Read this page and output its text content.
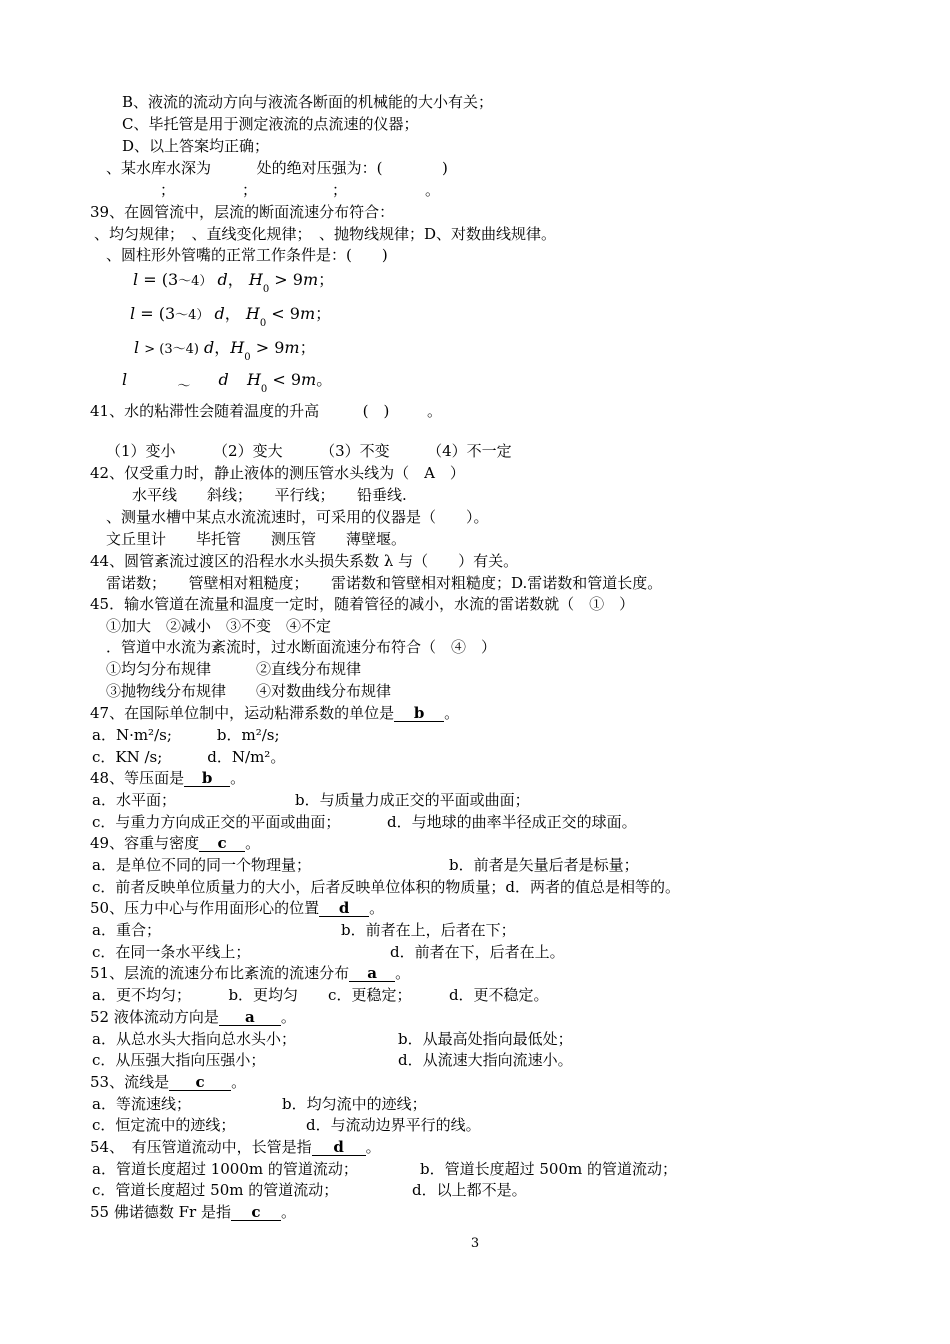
B、液流的流动方向与液流各断面的机械能的大小有关；
C、毕托管是用于测定液流的点流速的仪器；
D、以上答案均正确；
、某水库水深为	处的绝对压强为：(	)
；	；	；	。
39、在圆管流中，层流的断面流速分布符合：
、均匀规律；　、直线变化规律；　、抛物线规律；D、对数曲线规律。
、圆柱形外管嘴的正常工作条件是：(　　)
l = (3～4） d， $H_0 > 9m$；
l = (3～4） d， $H_0 < 9m$；
l > (3～4) d，$H_0 > 9m$；
l	$_\sim$ d $H_0 < 9m$。
41、水的粘滞性会随着温度的升高	(　)	。
（1）变小　　　（2）变大　　　（3）不变　　　（4）不一定
42、仅受重力时，静止液体的测压管水头线为（　A　）
水平线　　斜线；　　平行线；　　铅垂线.
、测量水槽中某点水流流速时，可采用的仪器是（　　）。
文丘里计　　毕托管　　测压管　　薄壁堰。
44、圆管紊流过渡区的沿程水水头损失系数 λ 与（　　）有关。
雷诺数；　　管壁相对粗糙度；　　雷诺数和管壁相对粗糙度；D.雷诺数和管道长度。
45．输水管道在流量和温度一定时，随着管径的减小，水流的雷诺数就（　①　）
①加大　②减小　③不变　④不定
．管道中水流为紊流时，过水断面流速分布符合（　④　）
①均匀分布规律　　　②直线分布规律
③抛物线分布规律　　④对数曲线分布规律
47、在国际单位制中，运动粘滞系数的单位是 b 。
a．N·m²/s;　　　b．m²/s;
c．KN /s;　　　d．N/m²。
48、等压面是 b 。
a．水平面；	b．与质量力成正交的平面或曲面；
c．与重力方向成正交的平面或曲面；	d．与地球的曲率半径成正交的球面。
49、容重与密度 c 。
a．是单位不同的同一个物理量；	b．前者是矢量后者是标量；
c．前者反映单位质量力的大小，后者反映单位体积的物质量；d．两者的值总是相等的。
50、压力中心与作用面形心的位置 d 。
a．重合；	b．前者在上，后者在下；
c．在同一条水平线上；	d．前者在下，后者在上。
51、层流的流速分布比紊流的流速分布 a 。
a．更不均匀；　　　b．更均匀　　c．更稳定；　　　d．更不稳定。
52 液体流动方向是 a 。
a．从总水头大指向总水头小；	b．从最高处指向最低处；
c．从压强大指向压强小；	d．从流速大指向流速小。
53、流线是 c 。
a．等流速线；	b．均匀流中的迹线；
c．恒定流中的迹线；	d．与流动边界平行的线。
54、　有压管道流动中，长管是指 d 。
a．管道长度超过 1000m 的管道流动；	b．管道长度超过 500m 的管道流动；
c．管道长度超过 50m 的管道流动；	d．以上都不是。
55 佛诺德数 Fr 是指 c 。
3
